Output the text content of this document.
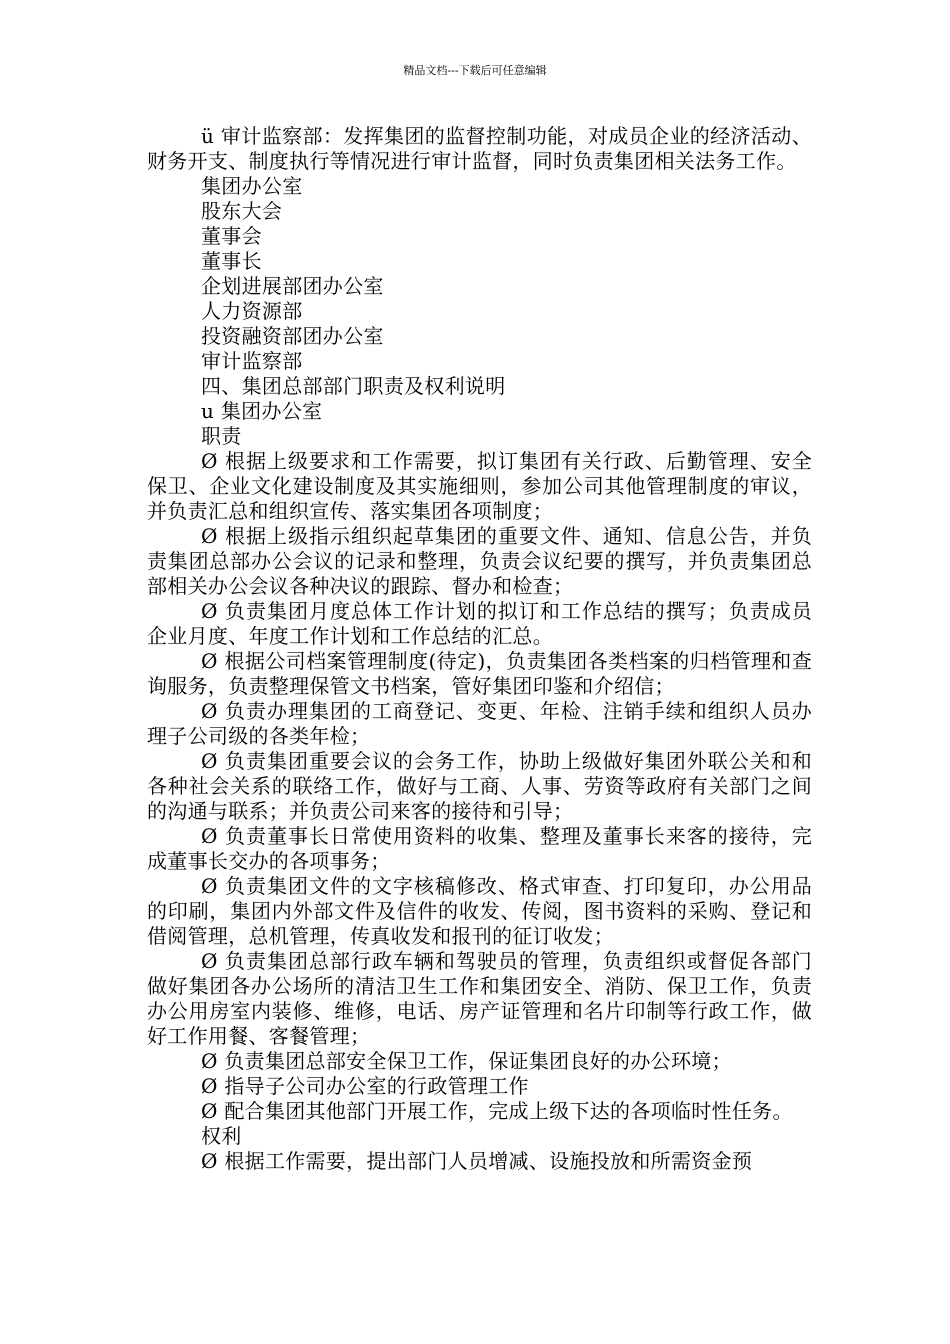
精品文档---下载后可任意编辑

ü 审计监察部：发挥集团的监督控制功能，对成员企业的经济活动、财务开支、制度执行等情况进行审计监督，同时负责集团相关法务工作。

集团办公室

股东大会

董事会

董事长

企划进展部团办公室

人力资源部

投资融资部团办公室

审计监察部

四、集团总部部门职责及权利说明

u 集团办公室

职责

Ø 根据上级要求和工作需要，拟订集团有关行政、后勤管理、安全保卫、企业文化建设制度及其实施细则，参加公司其他管理制度的审议，并负责汇总和组织宣传、落实集团各项制度；

Ø 根据上级指示组织起草集团的重要文件、通知、信息公告，并负责集团总部办公会议的记录和整理，负责会议纪要的撰写，并负责集团总部相关办公会议各种决议的跟踪、督办和检查；

Ø 负责集团月度总体工作计划的拟订和工作总结的撰写；负责成员企业月度、年度工作计划和工作总结的汇总。

Ø 根据公司档案管理制度(待定)，负责集团各类档案的归档管理和查询服务，负责整理保管文书档案，管好集团印鉴和介绍信；

Ø 负责办理集团的工商登记、变更、年检、注销手续和组织人员办理子公司级的各类年检；

Ø 负责集团重要会议的会务工作，协助上级做好集团外联公关和和各种社会关系的联络工作，做好与工商、人事、劳资等政府有关部门之间的沟通与联系；并负责公司来客的接待和引导；

Ø 负责董事长日常使用资料的收集、整理及董事长来客的接待，完成董事长交办的各项事务；

Ø 负责集团文件的文字核稿修改、格式审查、打印复印，办公用品的印刷，集团内外部文件及信件的收发、传阅，图书资料的采购、登记和借阅管理，总机管理，传真收发和报刊的征订收发；

Ø 负责集团总部行政车辆和驾驶员的管理，负责组织或督促各部门做好集团各办公场所的清洁卫生工作和集团安全、消防、保卫工作，负责办公用房室内装修、维修，电话、房产证管理和名片印制等行政工作，做好工作用餐、客餐管理；

Ø 负责集团总部安全保卫工作，保证集团良好的办公环境；

Ø 指导子公司办公室的行政管理工作

Ø 配合集团其他部门开展工作，完成上级下达的各项临时性任务。

权利

Ø 根据工作需要，提出部门人员增减、设施投放和所需资金预
